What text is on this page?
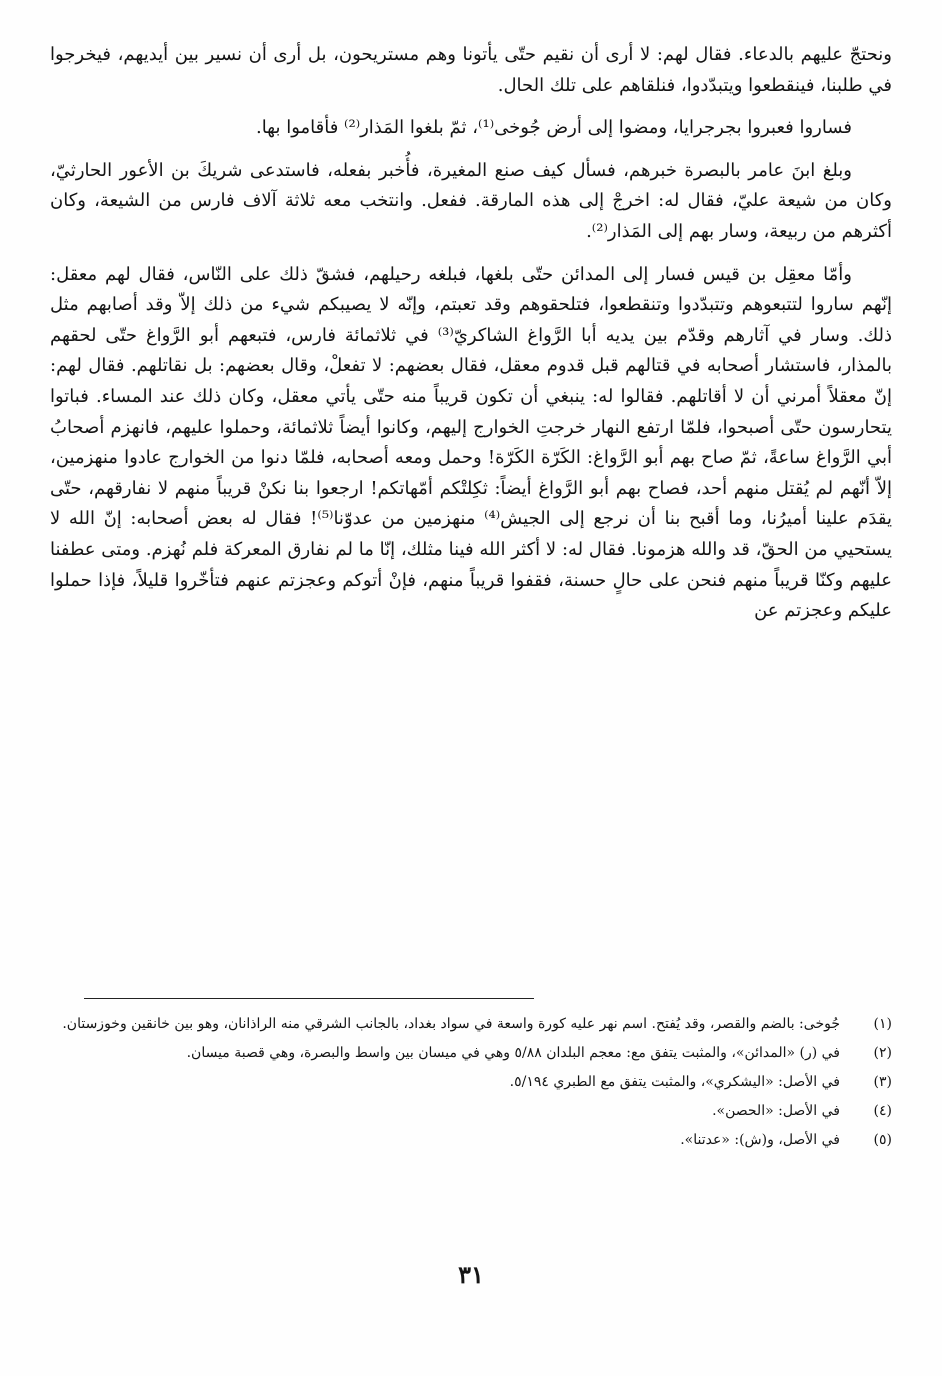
ونحتجّ عليهم بالدعاء. فقال لهم: لا أرى أن نقيم حتّى يأتونا وهم مستريحون، بل أرى أن نسير بين أيديهم، فيخرجوا في طلبنا، فينقطعوا ويتبدّدوا، فنلقاهم على تلك الحال.

فساروا فعبروا بجرجرايا، ومضوا إلى أرض جُوخى⁽¹⁾، ثمّ بلغوا المَذار⁽²⁾ فأقاموا بها.

وبلغ ابنَ عامر بالبصرة خبرهم، فسأل كيف صنع المغيرة، فأُخبر بفعله، فاستدعى شريكَ بن الأعور الحارثيّ، وكان من شيعة عليّ، فقال له: اخرجْ إلى هذه المارقة. ففعل. وانتخب معه ثلاثة آلاف فارس من الشيعة، وكان أكثرهم من ربيعة، وسار بهم إلى المَذار⁽²⁾.

وأمّا معقِل بن قيس فسار إلى المدائن حتّى بلغها، فبلغه رحيلهم، فشقّ ذلك على النّاس، فقال لهم معقل: إنّهم ساروا لتتبعوهم وتتبدّدوا وتنقطعوا، فتلحقوهم وقد تعبتم، وإنّه لا يصيبكم شيء من ذلك إلاّ وقد أصابهم مثل ذلك. وسار في آثارهم وقدّم بين يديه أبا الرَّواغ الشاكريّ⁽³⁾ في ثلاثمائة فارس، فتبعهم أبو الرَّواغ حتّى لحقهم بالمذار، فاستشار أصحابه في قتالهم قبل قدوم معقل، فقال بعضهم: لا تفعلْ، وقال بعضهم: بل نقاتلهم. فقال لهم: إنّ معقلاً أمرني أن لا أقاتلهم. فقالوا له: ينبغي أن تكون قريباً منه حتّى يأتي معقل، وكان ذلك عند المساء. فباتوا يتحارسون حتّى أصبحوا، فلمّا ارتفع النهار خرجتِ الخوارج إليهم، وكانوا أيضاً ثلاثمائة، وحملوا عليهم، فانهزم أصحابُ أبي الرَّواغ ساعةً، ثمّ صاح بهم أبو الرَّواغ: الكَرّة الكَرّة! وحمل ومعه أصحابه، فلمّا دنوا من الخوارج عادوا منهزمين، إلاّ أنّهم لم يُقتل منهم أحد، فصاح بهم أبو الرَّواغ أيضاً: ثكِلتْكم أمّهاتكم! ارجعوا بنا نكنْ قريباً منهم لا نفارقهم، حتّى يقدَم علينا أميرُنا، وما أقبح بنا أن نرجع إلى الجيش⁽⁴⁾ منهزمين من عدوّنا⁽⁵⁾! فقال له بعض أصحابه: إنّ الله لا يستحيي من الحقّ، قد والله هزمونا. فقال له: لا أكثر الله فينا مثلك، إنّا ما لم نفارق المعركة فلم نُهزم. ومتى عطفنا عليهم وكنّا قريباً منهم فنحن على حالٍ حسنة، فقفوا قريباً منهم، فإنْ أتوكم وعجزتم عنهم فتأخّروا قليلاً، فإذا حملوا عليكم وعجزتم عن

(١)
جُوخى: بالضم والقصر، وقد يُفتح. اسم نهر عليه كورة واسعة في سواد بغداد، بالجانب الشرقي منه الراذانان، وهو بين خانقين وخوزستان.
(٢)
في (ر) «المدائن»، والمثبت يتفق مع: معجم البلدان ٥/٨٨ وهي في ميسان بين واسط والبصرة، وهي قصبة ميسان.
(٣)
في الأصل: «اليشكري»، والمثبت يتفق مع الطبري ٥/١٩٤.
(٤)
في الأصل: «الحصن».
(٥)
في الأصل، و(ش): «عدتنا».
٣١
